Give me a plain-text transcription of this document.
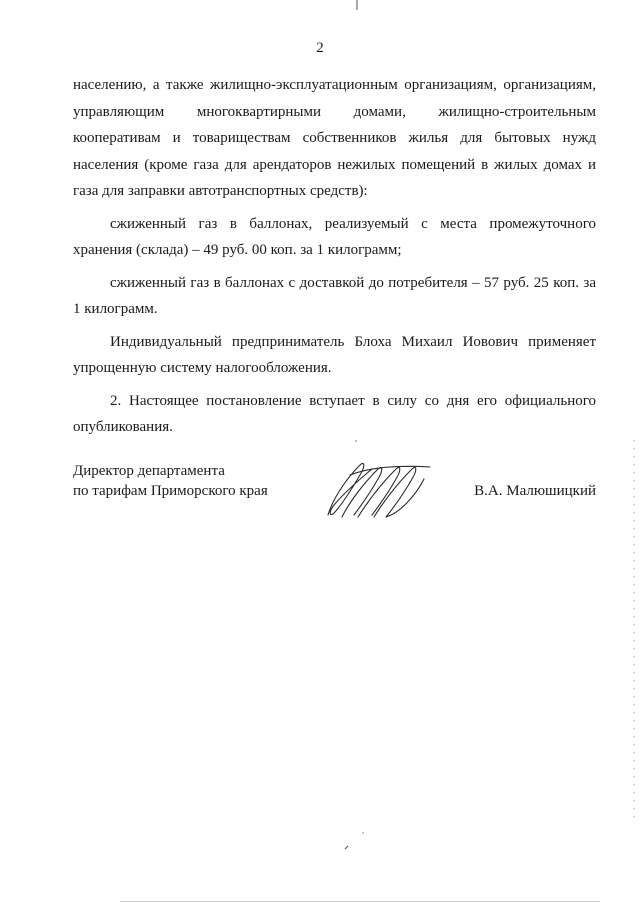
2

населению, а также жилищно-эксплуатационным организациям, организациям, управляющим многоквартирными домами, жилищно-строительным кооперативам и товариществам собственников жилья для бытовых нужд населения (кроме газа для арендаторов нежилых помещений в жилых домах и газа для заправки автотранспортных средств):

сжиженный газ в баллонах, реализуемый с места промежуточного хранения (склада) – 49 руб. 00 коп. за 1 килограмм;

сжиженный газ в баллонах с доставкой до потребителя – 57 руб. 25 коп. за 1 килограмм.

Индивидуальный предприниматель Блоха Михаил Иовович применяет упрощенную систему налогообложения.

2. Настоящее постановление вступает в силу со дня его официального опубликования.

Директор департамента
по тарифам Приморского края	В.А. Малюшицкий
